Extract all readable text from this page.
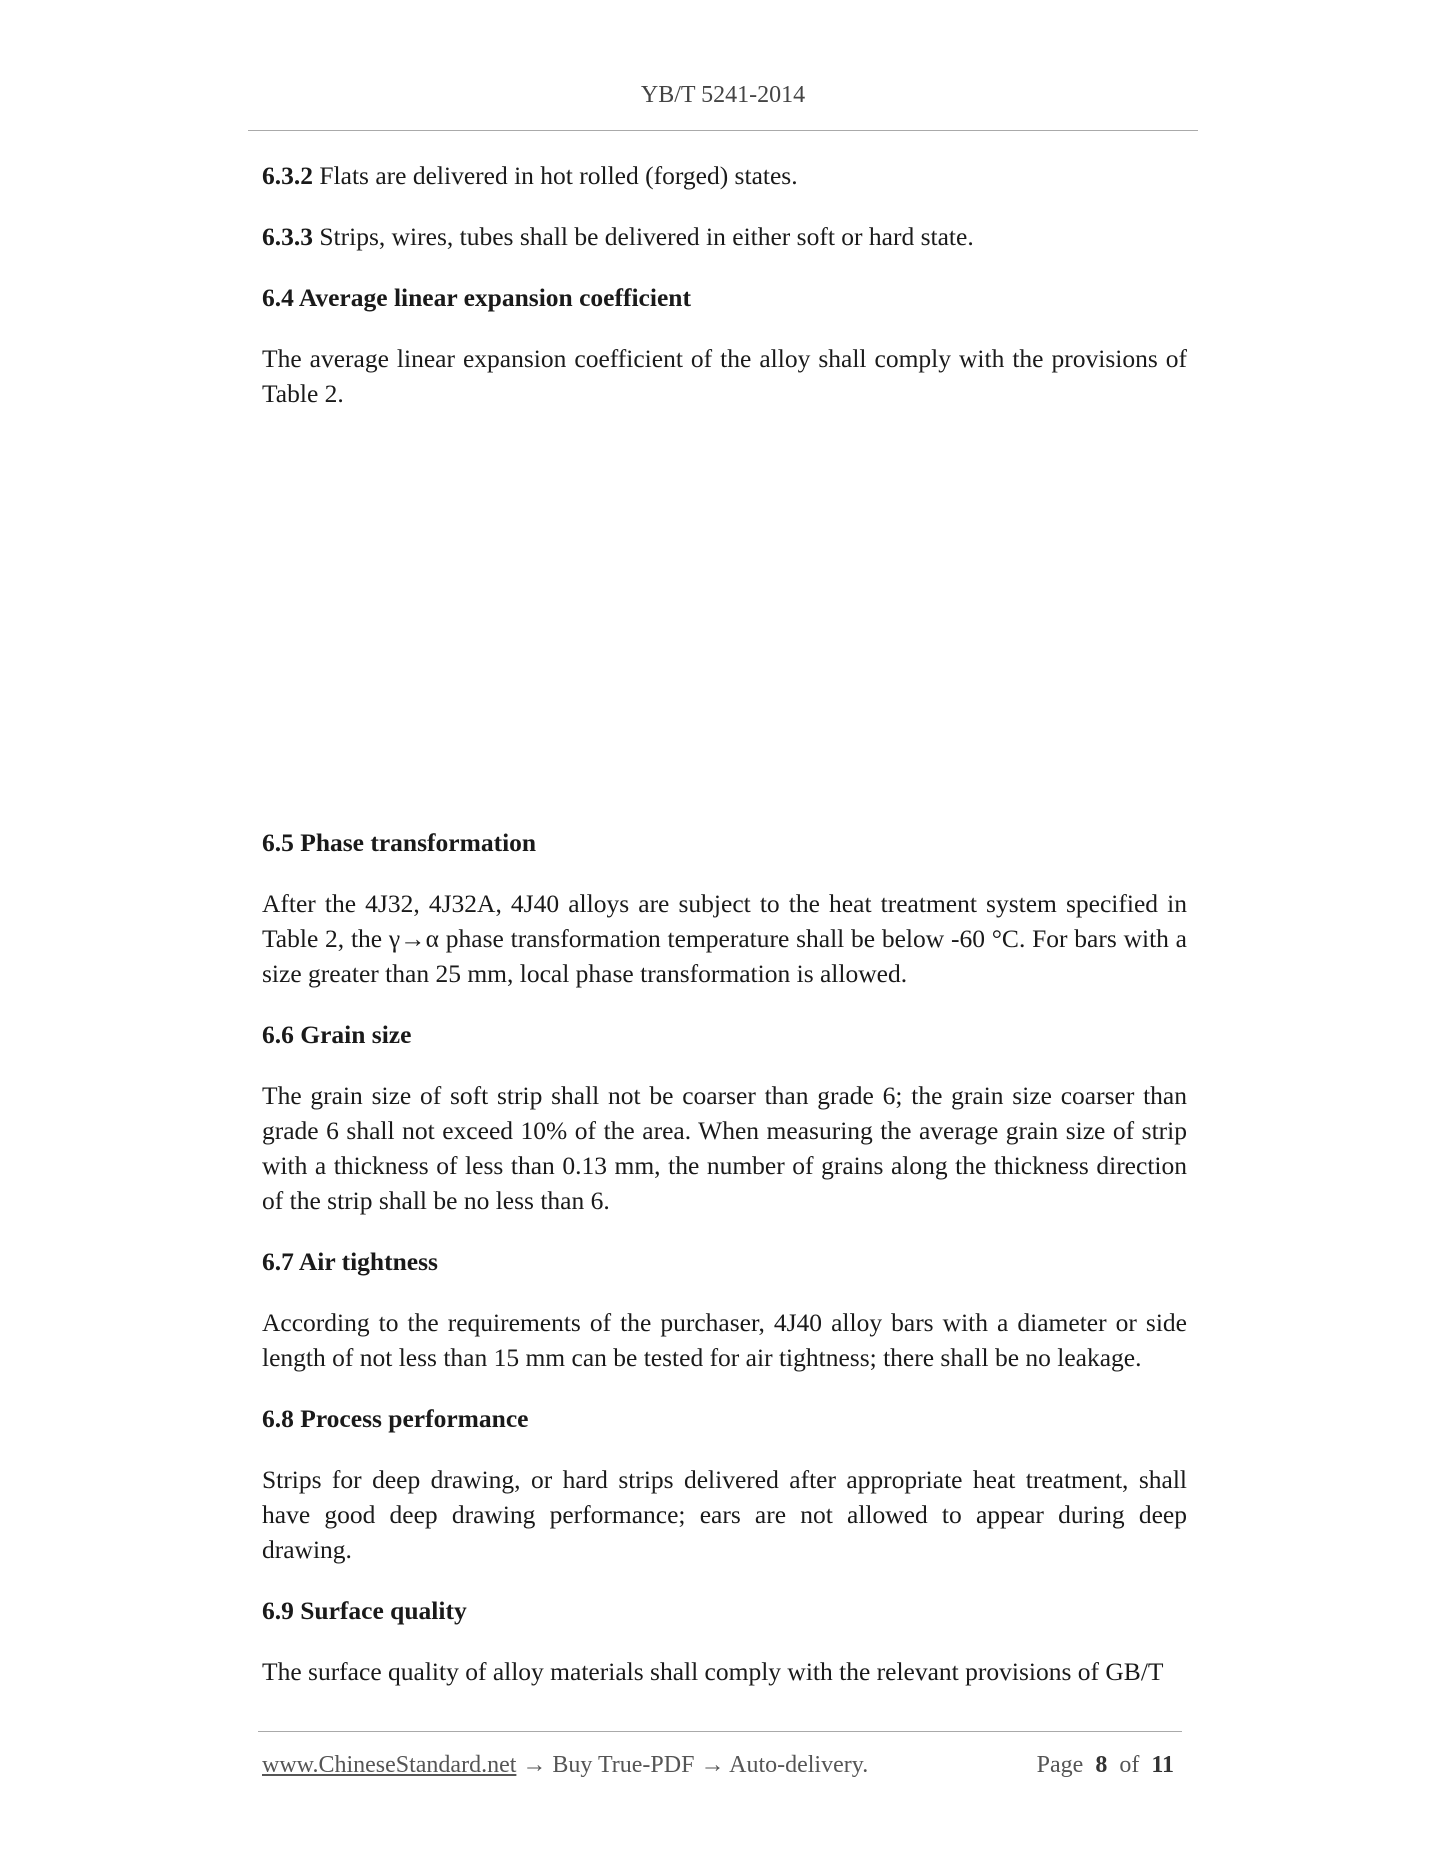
YB/T 5241-2014

6.3.2 Flats are delivered in hot rolled (forged) states.

6.3.3 Strips, wires, tubes shall be delivered in either soft or hard state.

6.4 Average linear expansion coefficient

The average linear expansion coefficient of the alloy shall comply with the provisions of Table 2.

6.5 Phase transformation

After the 4J32, 4J32A, 4J40 alloys are subject to the heat treatment system specified in Table 2, the γ→α phase transformation temperature shall be below -60 °C. For bars with a size greater than 25 mm, local phase transformation is allowed.

6.6 Grain size

The grain size of soft strip shall not be coarser than grade 6; the grain size coarser than grade 6 shall not exceed 10% of the area. When measuring the average grain size of strip with a thickness of less than 0.13 mm, the number of grains along the thickness direction of the strip shall be no less than 6.

6.7 Air tightness

According to the requirements of the purchaser, 4J40 alloy bars with a diameter or side length of not less than 15 mm can be tested for air tightness; there shall be no leakage.

6.8 Process performance

Strips for deep drawing, or hard strips delivered after appropriate heat treatment, shall have good deep drawing performance; ears are not allowed to appear during deep drawing.

6.9 Surface quality

The surface quality of alloy materials shall comply with the relevant provisions of GB/T

www.ChineseStandard.net → Buy True-PDF → Auto-delivery.	Page 8 of 11
